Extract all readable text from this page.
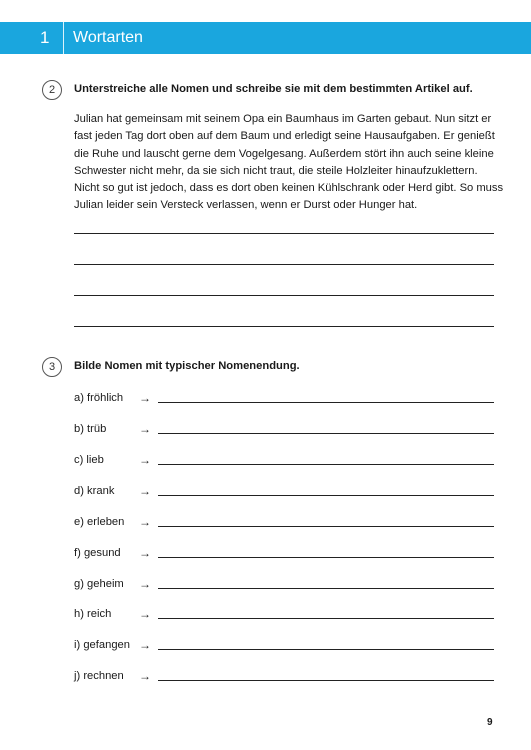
1 Wortarten
2	Unterstreiche alle Nomen und schreibe sie mit dem bestimmten Artikel auf.
Julian hat gemeinsam mit seinem Opa ein Baumhaus im Garten gebaut. Nun sitzt er
fast jeden Tag dort oben auf dem Baum und erledigt seine Hausaufgaben. Er genießt
die Ruhe und lauscht gerne dem Vogelgesang. Außerdem stört ihn auch seine kleine
Schwester nicht mehr, da sie sich nicht traut, die steile Holzleiter hinaufzuklettern.
Nicht so gut ist jedoch, dass es dort oben keinen Kühlschrank oder Herd gibt. So muss
Julian leider sein Versteck verlassen, wenn er Durst oder Hunger hat.
3	Bilde Nomen mit typischer Nomenendung.
a) fröhlich →
b) trüb	→
c) lieb	→
d) krank →
e) erleben →
f) gesund →
g) geheim →
h) reich →
i) gefangen →
j) rechnen →
9
